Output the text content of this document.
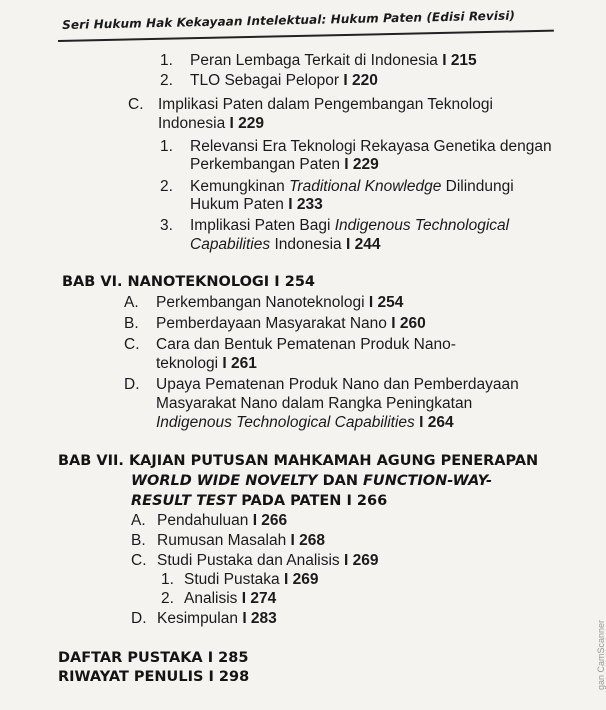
Seri Hukum Hak Kekayaan Intelektual: Hukum Paten (Edisi Revisi)
1. Peran Lembaga Terkait di Indonesia I 215
2. TLO Sebagai Pelopor I 220
C. Implikasi Paten dalam Pengembangan Teknologi
Indonesia I 229
1. Relevansi Era Teknologi Rekayasa Genetika dengan
Perkembangan Paten I 229
2. Kemungkinan Traditional Knowledge Dilindungi
Hukum Paten I 233
3. Implikasi Paten Bagi Indigenous Technological
Capabilities Indonesia I 244
BAB VI. NANOTEKNOLOGI I 254
A. Perkembangan Nanoteknologi I 254
B. Pemberdayaan Masyarakat Nano I 260
C. Cara dan Bentuk Pematenan Produk Nano-
teknologi I 261
D. Upaya Pematenan Produk Nano dan Pemberdayaan
Masyarakat Nano dalam Rangka Peningkatan
Indigenous Technological Capabilities I 264
BAB VII. KAJIAN PUTUSAN MAHKAMAH AGUNG PENERAPAN
WORLD WIDE NOVELTY DAN FUNCTION-WAY-
RESULT TEST PADA PATEN I 266
A. Pendahuluan I 266
B. Rumusan Masalah I 268
C. Studi Pustaka dan Analisis I 269
1. Studi Pustaka I 269
2. Analisis I 274
D. Kesimpulan I 283
DAFTAR PUSTAKA I 285
RIWAYAT PENULIS I 298	gan CamScanner
